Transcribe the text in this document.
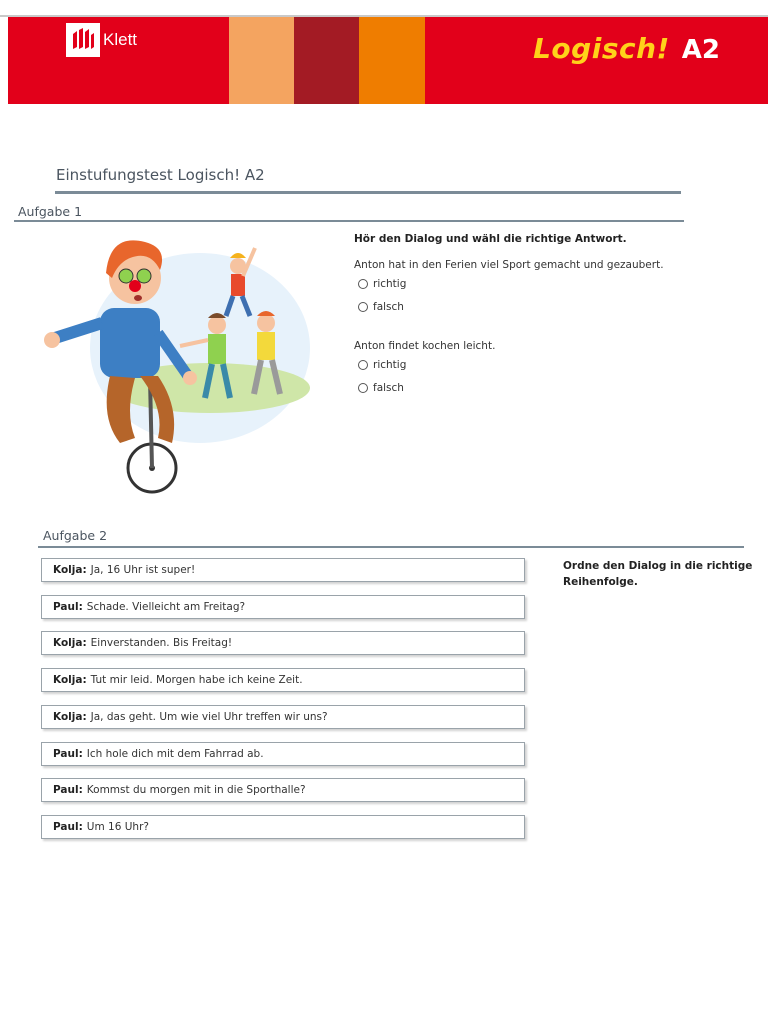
Klett	Logisch! A2
Einstufungstest Logisch! A2
Aufgabe 1
Hör den Dialog und wähl die richtige Antwort.
Anton hat in den Ferien viel Sport gemacht und gezaubert.
richtig
falsch
Anton findet kochen leicht.
richtig
falsch
Aufgabe 2
Kolja: Ja, 16 Uhr ist super!
Paul: Schade. Vielleicht am Freitag?
Kolja: Einverstanden. Bis Freitag!
Kolja: Tut mir leid. Morgen habe ich keine Zeit.
Kolja: Ja, das geht. Um wie viel Uhr treffen wir uns?
Paul: Ich hole dich mit dem Fahrrad ab.
Paul: Kommst du morgen mit in die Sporthalle?
Paul: Um 16 Uhr?
Ordne den Dialog in die richtige Reihenfolge.
